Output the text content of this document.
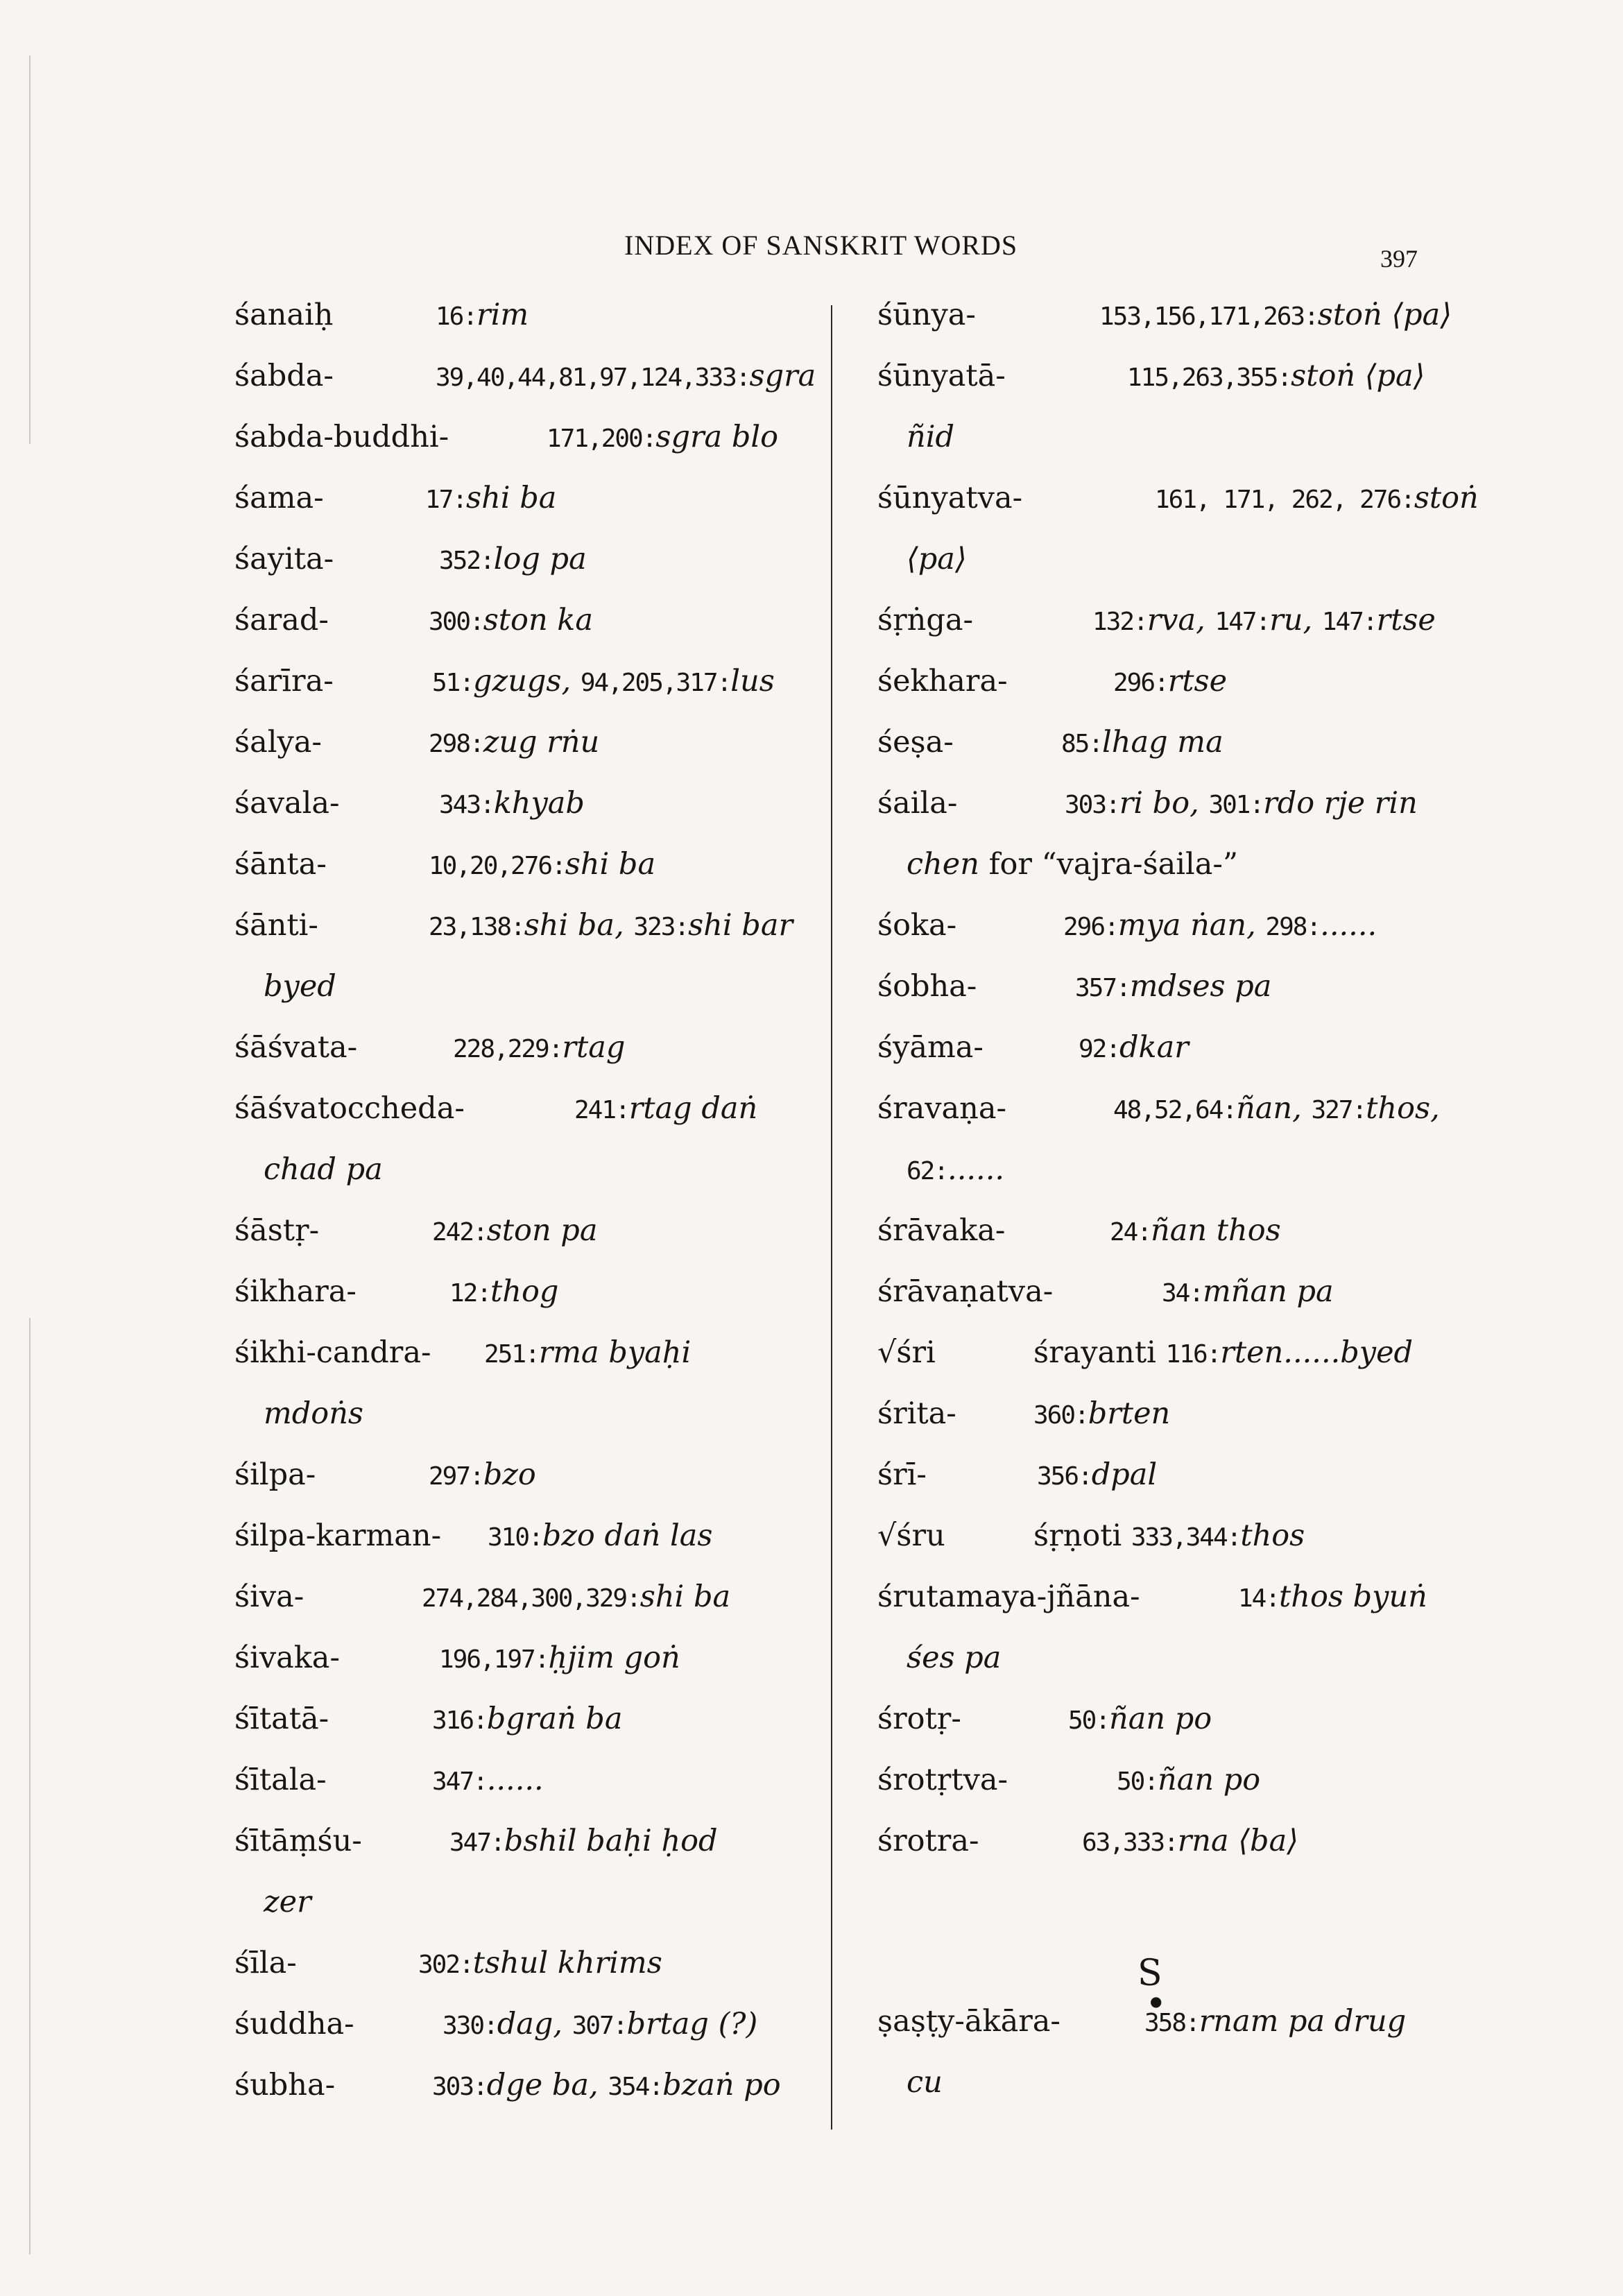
INDEX OF SANSKRIT WORDS	397
śanaiḥ	16:rim
śabda-	39,40,44,81,97,124,333:sgra
śabda-buddhi-	171,200:sgra blo
śama-	17:shi ba
śayita-	352:log pa
śarad-	300:ston ka
śarīra-	51:gzugs, 94,205,317:lus
śalya-	298:zug rṅu
śavala-	343:khyab
śānta-	10,20,276:shi ba
śānti-	23,138:shi ba, 323:shi bar
byed
śāśvata-	228,229:rtag
śāśvatoccheda-	241:rtag daṅ
chad pa
śāstṛ-	242:ston pa
śikhara-	12:thog
śikhi-candra- 251:rma byaḥi
mdoṅs
śilpa-	297:bzo
śilpa-karman- 310:bzo daṅ las
śiva-	274,284,300,329:shi ba
śivaka-	196,197:ḥjim goṅ
śītatā-	316:bgraṅ ba
śītala-	347:......
śītāṃśu-	347:bshil baḥi ḥod
zer
śīla-	302:tshul khrims
śuddha-	330:dag, 307:brtag (?)
śubha-	303:dge ba, 354:bzaṅ po
śūnya-	153,156,171,263:stoṅ ⟨pa⟩
śūnyatā-	115,263,355:stoṅ ⟨pa⟩
ñid
śūnyatva-	161, 171, 262, 276:stoṅ
⟨pa⟩
śṛṅga-	132:rva, 147:ru, 147:rtse
śekhara-	296:rtse
śeṣa-	85:lhag ma
śaila-	303:ri bo, 301:rdo rje rin
chen for “vajra-śaila-”
śoka-	296:mya ṅan, 298:......
śobha-	357:mdses pa
śyāma-	92:dkar
śravaṇa-	48,52,64:ñan, 327:thos,
62:......
śrāvaka-	24:ñan thos
śrāvaṇatva-	34:mñan pa
√śri	śrayanti 116:rten......byed
śrita-	360:brten
śrī-	356:dpal
√śru	śṛṇoti 333,344:thos
śrutamaya-jñāna-	14:thos byuṅ
śes pa
śrotṛ-	50:ñan po
śrotṛtva-	50:ñan po
śrotra-	63,333:rna ⟨ba⟩
S
●
ṣaṣṭy-ākāra-	358:rnam pa drug
cu
